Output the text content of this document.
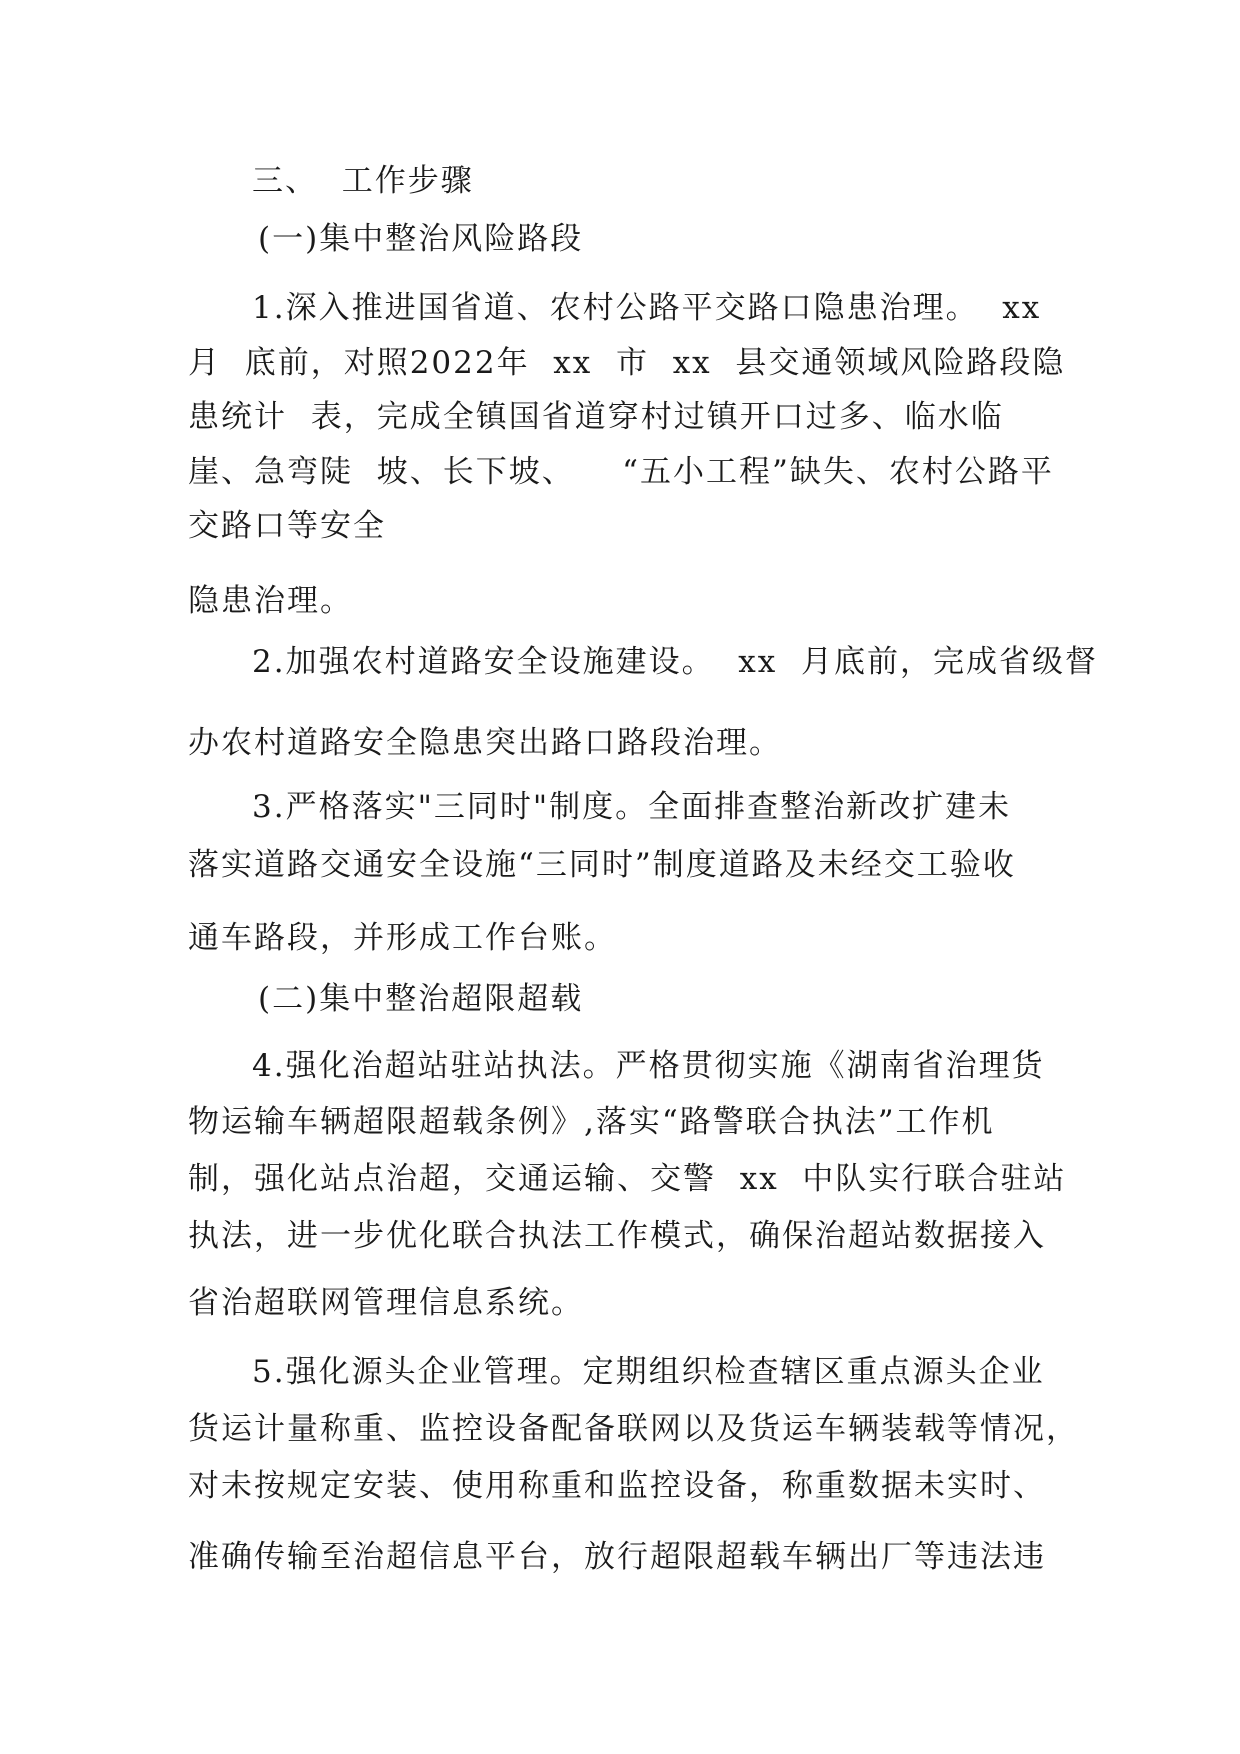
三、  工作步骤
(一)集中整治风险路段
1.深入推进国省道、农村公路平交路口隐患治理。  xx
月  底前，对照2022年  xx  市  xx  县交通领域风险路段隐
患统计  表，完成全镇国省道穿村过镇开口过多、临水临
崖、急弯陡  坡、长下坡、    “五小工程”缺失、农村公路平
交路口等安全
隐患治理。
2.加强农村道路安全设施建设。  xx  月底前，完成省级督
办农村道路安全隐患突出路口路段治理。
3.严格落实"三同时"制度。全面排查整治新改扩建未
落实道路交通安全设施“三同时”制度道路及未经交工验收
通车路段，并形成工作台账。
(二)集中整治超限超载
4.强化治超站驻站执法。严格贯彻实施《湖南省治理货
物运输车辆超限超载条例》,落实“路警联合执法”工作机
制，强化站点治超，交通运输、交警  xx  中队实行联合驻站
执法，进一步优化联合执法工作模式，确保治超站数据接入
省治超联网管理信息系统。
5.强化源头企业管理。定期组织检查辖区重点源头企业
货运计量称重、监控设备配备联网以及货运车辆装载等情况，
对未按规定安装、使用称重和监控设备，称重数据未实时、
准确传输至治超信息平台，放行超限超载车辆出厂等违法违
